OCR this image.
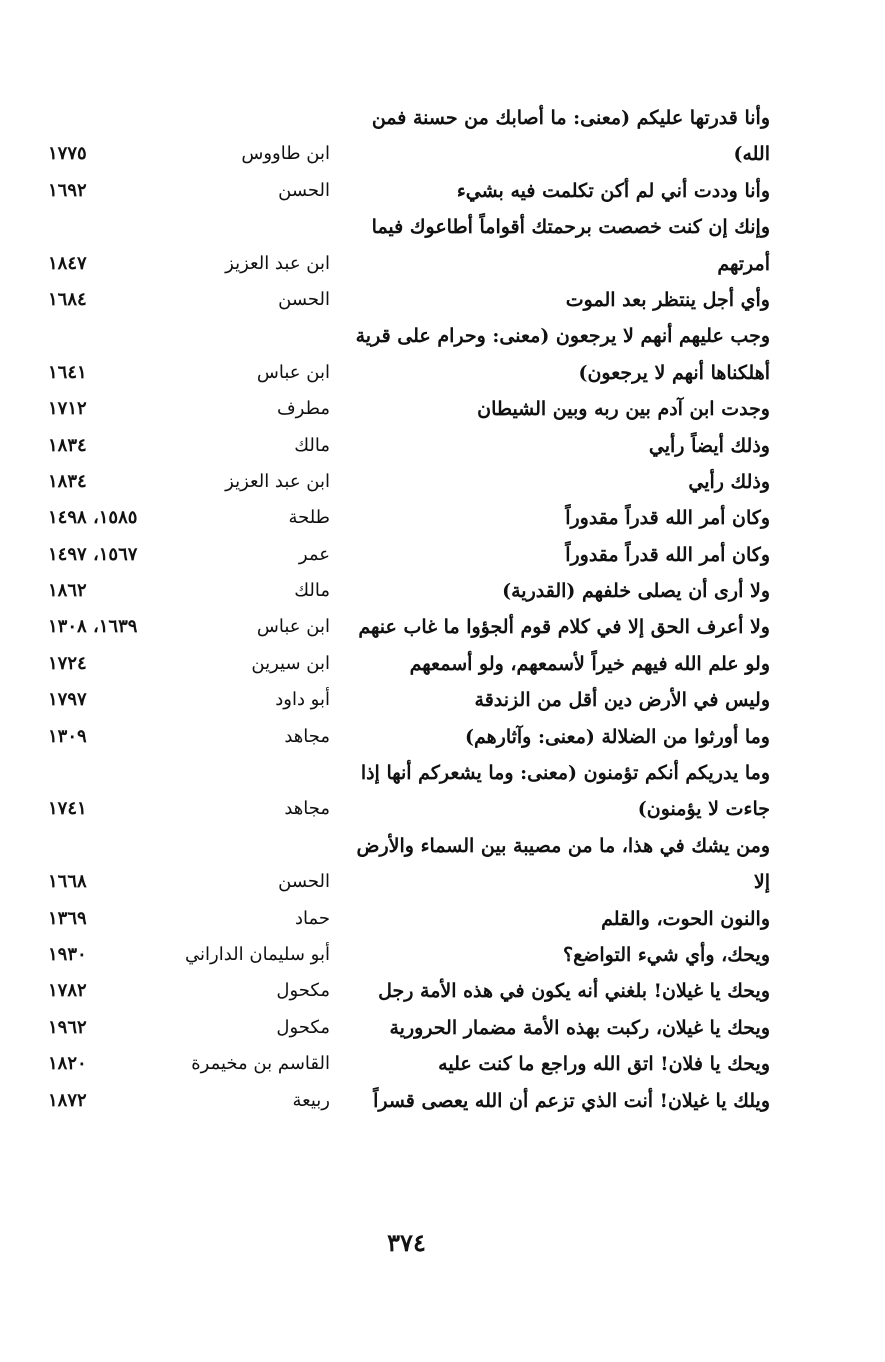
وأنا قدرتها عليكم (معنى: ما أصابك من حسنة فمن
الله)
ابن طاووس
١٧٧٥
وأنا وددت أني لم أكن تكلمت فيه بشيء
الحسن
١٦٩٢
وإنك إن كنت خصصت برحمتك أقواماً أطاعوك فيما
أمرتهم
ابن عبد العزيز
١٨٤٧
وأي أجل ينتظر بعد الموت
الحسن
١٦٨٤
وجب عليهم أنهم لا يرجعون (معنى: وحرام على قرية
أهلكناها أنهم لا يرجعون)
ابن عباس
١٦٤١
وجدت ابن آدم بين ربه وبين الشيطان
مطرف
١٧١٢
وذلك أيضاً رأيي
مالك
١٨٣٤
وذلك رأيي
ابن عبد العزيز
١٨٣٤
وكان أمر الله قدراً مقدوراً
طلحة
١٥٨٥، ١٤٩٨
وكان أمر الله قدراً مقدوراً
عمر
١٥٦٧، ١٤٩٧
ولا أرى أن يصلى خلفهم (القدرية)
مالك
١٨٦٢
ولا أعرف الحق إلا في كلام قوم ألجؤوا ما غاب عنهم
ابن عباس
١٦٣٩، ١٣٠٨
ولو علم الله فيهم خيراً لأسمعهم، ولو أسمعهم
ابن سيرين
١٧٢٤
وليس في الأرض دين أقل من الزندقة
أبو داود
١٧٩٧
وما أورثوا من الضلالة (معنى: وآثارهم)
مجاهد
١٣٠٩
وما يدريكم أنكم تؤمنون (معنى: وما يشعركم أنها إذا
جاءت لا يؤمنون)
مجاهد
١٧٤١
ومن يشك في هذا، ما من مصيبة بين السماء والأرض
إلا
الحسن
١٦٦٨
والنون الحوت، والقلم
حماد
١٣٦٩
ويحك، وأي شيء التواضع؟
أبو سليمان الداراني
١٩٣٠
ويحك يا غيلان! بلغني أنه يكون في هذه الأمة رجل
مكحول
١٧٨٢
ويحك يا غيلان، ركبت بهذه الأمة مضمار الحرورية
مكحول
١٩٦٢
ويحك يا فلان! اتق الله وراجع ما كنت عليه
القاسم بن مخيمرة
١٨٢٠
ويلك يا غيلان! أنت الذي تزعم أن الله يعصى قسراً
ربيعة
١٨٧٢
٣٧٤
